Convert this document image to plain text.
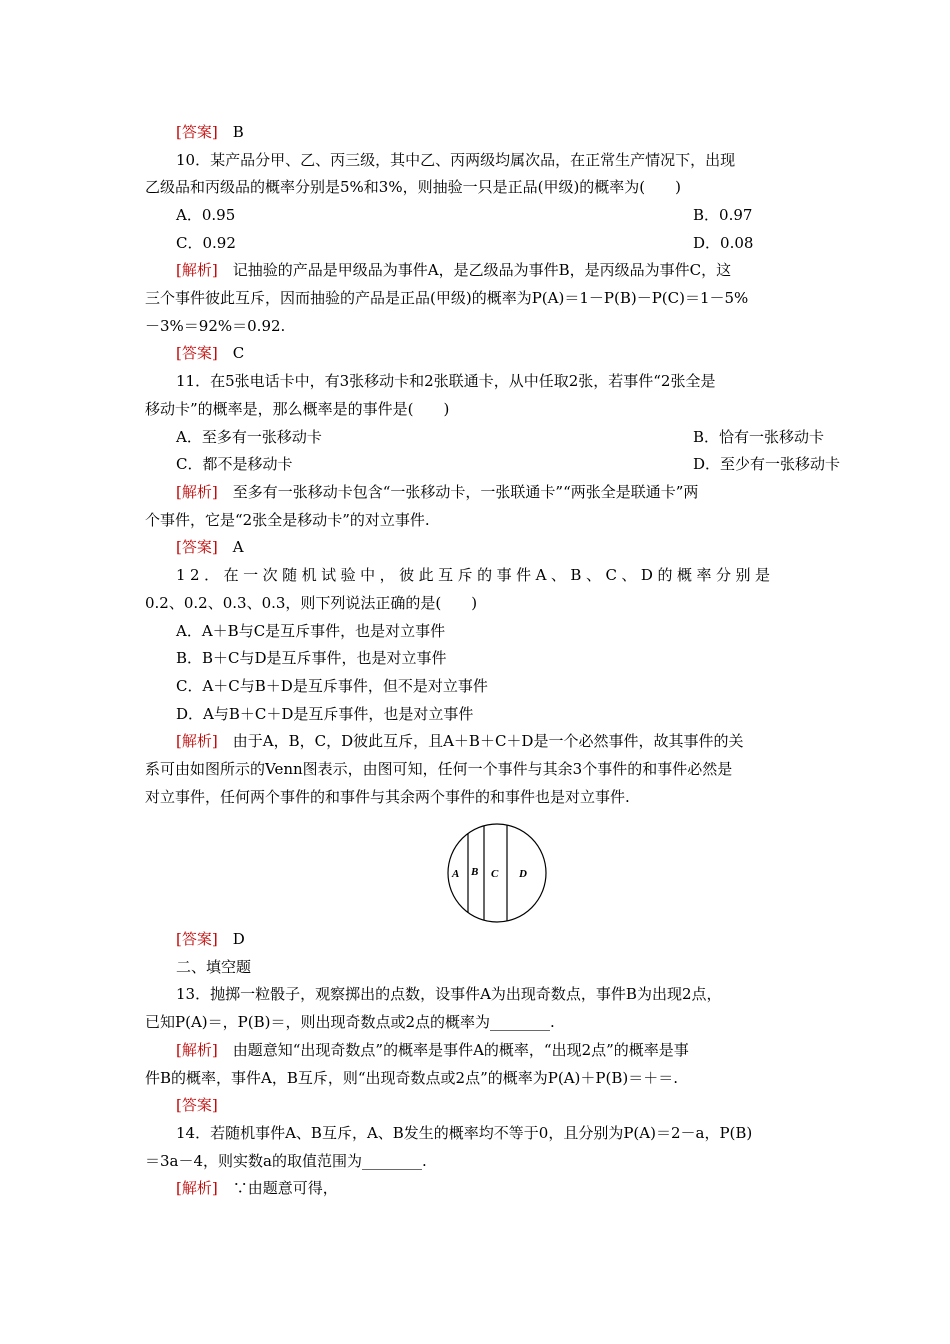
[答案]　 B
10．某产品分甲、乙、丙三级，其中乙、丙两级均属次品，在正常生产情况下，出现
乙级品和丙级品的概率分别是5%和3%，则抽验一只是正品(甲级)的概率为(　　)
A．0.95	B．0.97
C．0.92	D．0.08
[解析]　 记抽验的产品是甲级品为事件A，是乙级品为事件B，是丙级品为事件C，这
三个事件彼此互斥，因而抽验的产品是正品(甲级)的概率为P(A)＝1－P(B)－P(C)＝1－5%
－3%＝92%＝0.92.
[答案]　 C
11．在5张电话卡中，有3张移动卡和2张联通卡，从中任取2张，若事件“2张全是
移动卡”的概率是，那么概率是的事件是(　　)
A．至多有一张移动卡	B．恰有一张移动卡
C．都不是移动卡	D．至少有一张移动卡
[解析]　 至多有一张移动卡包含“一张移动卡，一张联通卡”“两张全是联通卡”两
个事件，它是“2张全是移动卡”的对立事件.
[答案]　 A
12．在一次随机试验中，彼此互斥的事件A、B、C、D的概率分别是
0.2、0.2、0.3、0.3，则下列说法正确的是(　　)
A．A＋B与C是互斥事件，也是对立事件
B．B＋C与D是互斥事件，也是对立事件
C．A＋C与B＋D是互斥事件，但不是对立事件
D．A与B＋C＋D是互斥事件，也是对立事件
[解析]　 由于A，B，C，D彼此互斥，且A＋B＋C＋D是一个必然事件，故其事件的关
系可由如图所示的Venn图表示，由图可知，任何一个事件与其余3个事件的和事件必然是
对立事件，任何两个事件的和事件与其余两个事件的和事件也是对立事件.
A B C D
[答案]　 D
二、填空题
13．抛掷一粒骰子，观察掷出的点数，设事件A为出现奇数点，事件B为出现2点，
已知P(A)＝，P(B)＝，则出现奇数点或2点的概率为________.
[解析]　 由题意知“出现奇数点”的概率是事件A的概率，“出现2点”的概率是事
件B的概率，事件A，B互斥，则“出现奇数点或2点”的概率为P(A)＋P(B)＝＋＝.
[答案]
14．若随机事件A、B互斥，A、B发生的概率均不等于0，且分别为P(A)＝2－a，P(B)
＝3a－4，则实数a的取值范围为________.
[解析]　 ∵由题意可得，
